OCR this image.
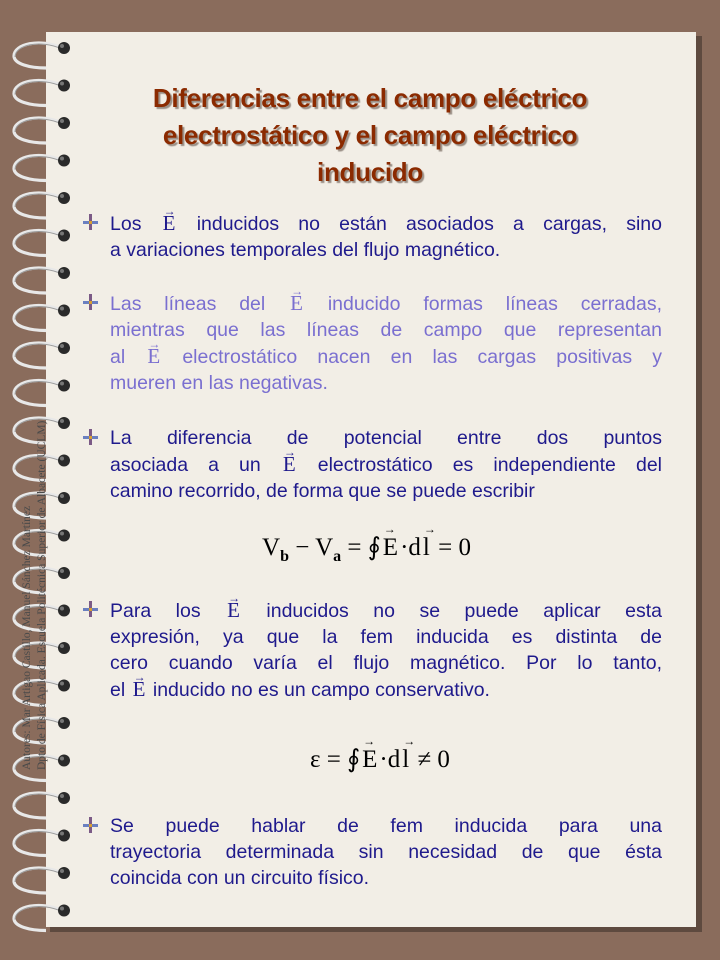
Autores: Mar Artigao Castillo, Manuel Sánchez Martínez Dpto de Física Aplicada. Escuela Politécnica Superior de Albacete (UCLM)
Diferencias entre el campo eléctrico
electrostático y el campo eléctrico
inducido
Los → E inducidos no están asociados a cargas, sino
a variaciones temporales del flujo magnético.
Las líneas del → E inducido formas líneas cerradas,
mientras que las líneas de campo que representan
al → E electrostático nacen en las cargas positivas y
mueren en las negativas.
La diferencia de potencial entre dos puntos
asociada a un → E electrostático es independiente del
camino recorrido, de forma que se puede escribir
$V_b - V_a$ = ∮→ E·d→ l = 0
Para los → E inducidos no se puede aplicar esta
expresión, ya que la fem inducida es distinta de
cero cuando varía el flujo magnético. Por lo tanto,
el → E inducido no es un campo conservativo.
ε = ∮→ E·d→ l ≠ 0
Se puede hablar de fem inducida para una
trayectoria determinada sin necesidad de que ésta
coincida con un circuito físico.
